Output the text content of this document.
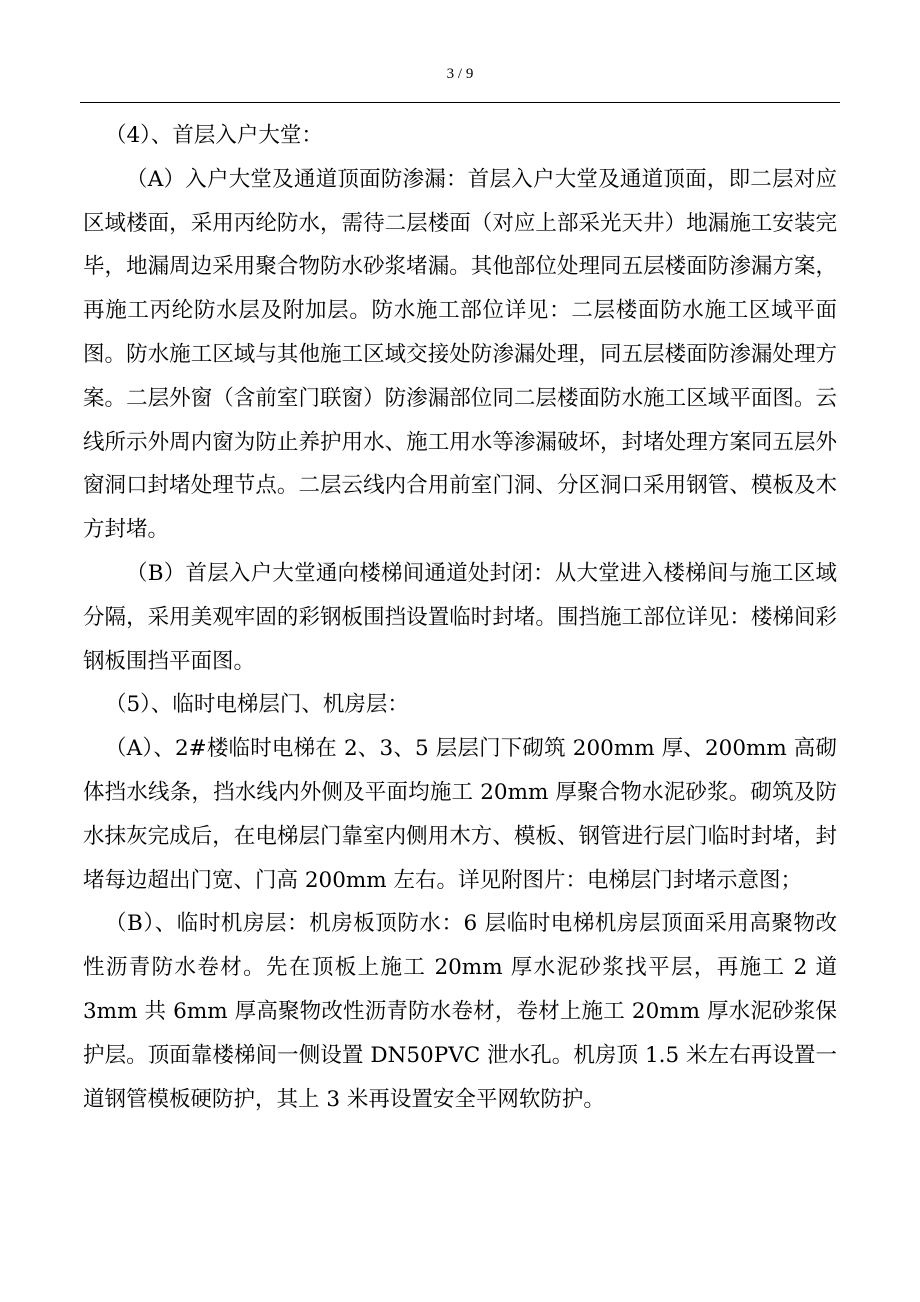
3 / 9

（4）、首层入户大堂：

（A）入户大堂及通道顶面防渗漏：首层入户大堂及通道顶面，即二层对应区域楼面，采用丙纶防水，需待二层楼面（对应上部采光天井）地漏施工安装完毕，地漏周边采用聚合物防水砂浆堵漏。其他部位处理同五层楼面防渗漏方案，再施工丙纶防水层及附加层。防水施工部位详见：二层楼面防水施工区域平面图。防水施工区域与其他施工区域交接处防渗漏处理，同五层楼面防渗漏处理方案。二层外窗（含前室门联窗）防渗漏部位同二层楼面防水施工区域平面图。云线所示外周内窗为防止养护用水、施工用水等渗漏破坏，封堵处理方案同五层外窗洞口封堵处理节点。二层云线内合用前室门洞、分区洞口采用钢管、模板及木方封堵。

（B）首层入户大堂通向楼梯间通道处封闭：从大堂进入楼梯间与施工区域分隔，采用美观牢固的彩钢板围挡设置临时封堵。围挡施工部位详见：楼梯间彩钢板围挡平面图。

（5）、临时电梯层门、机房层：

（A）、2#楼临时电梯在 2、3、5 层层门下砌筑 200mm 厚、200mm 高砌体挡水线条，挡水线内外侧及平面均施工 20mm 厚聚合物水泥砂浆。砌筑及防水抹灰完成后，在电梯层门靠室内侧用木方、模板、钢管进行层门临时封堵，封堵每边超出门宽、门高 200mm 左右。详见附图片：电梯层门封堵示意图；

（B）、临时机房层：机房板顶防水：6 层临时电梯机房层顶面采用高聚物改性沥青防水卷材。先在顶板上施工 20mm 厚水泥砂浆找平层，再施工 2 道 3mm 共 6mm 厚高聚物改性沥青防水卷材，卷材上施工 20mm 厚水泥砂浆保护层。顶面靠楼梯间一侧设置 DN50PVC 泄水孔。机房顶 1.5 米左右再设置一道钢管模板硬防护，其上 3 米再设置安全平网软防护。
